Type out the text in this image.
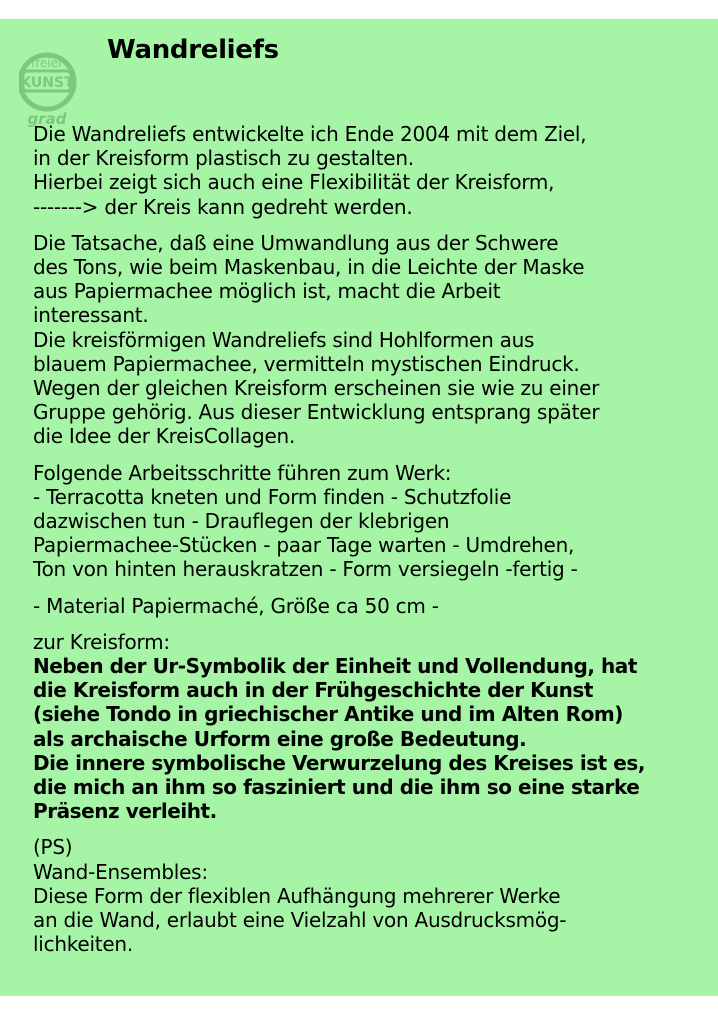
freier
KUNST
grad
Wandreliefs

Die Wandreliefs entwickelte ich Ende 2004 mit dem Ziel,
in der Kreisform plastisch zu gestalten.
Hierbei zeigt sich auch eine Flexibilität der Kreisform,
-------> der Kreis kann gedreht werden.

Die Tatsache, daß eine Umwandlung aus der Schwere
des Tons, wie beim Maskenbau, in die Leichte der Maske
aus Papiermachee möglich ist, macht die Arbeit
interessant.
Die kreisförmigen Wandreliefs sind Hohlformen aus
blauem Papiermachee, vermitteln mystischen Eindruck.
Wegen der gleichen Kreisform erscheinen sie wie zu einer
Gruppe gehörig. Aus dieser Entwicklung entsprang später
die Idee der KreisCollagen.

Folgende Arbeitsschritte führen zum Werk:
- Terracotta kneten und Form finden - Schutzfolie
dazwischen tun - Drauflegen der klebrigen
Papiermachee-Stücken - paar Tage warten - Umdrehen,
Ton von hinten herauskratzen - Form versiegeln -fertig -

- Material Papiermaché, Größe ca 50 cm -

zur Kreisform:
Neben der Ur-Symbolik der Einheit und Vollendung, hat
die Kreisform auch in der Frühgeschichte der Kunst
(siehe Tondo in griechischer Antike und im Alten Rom)
als archaische Urform eine große Bedeutung.
Die innere symbolische Verwurzelung des Kreises ist es,
die mich an ihm so fasziniert und die ihm so eine starke
Präsenz verleiht.

(PS)
Wand-Ensembles:
Diese Form der flexiblen Aufhängung mehrerer Werke
an die Wand, erlaubt eine Vielzahl von Ausdrucksmög-
lichkeiten.
